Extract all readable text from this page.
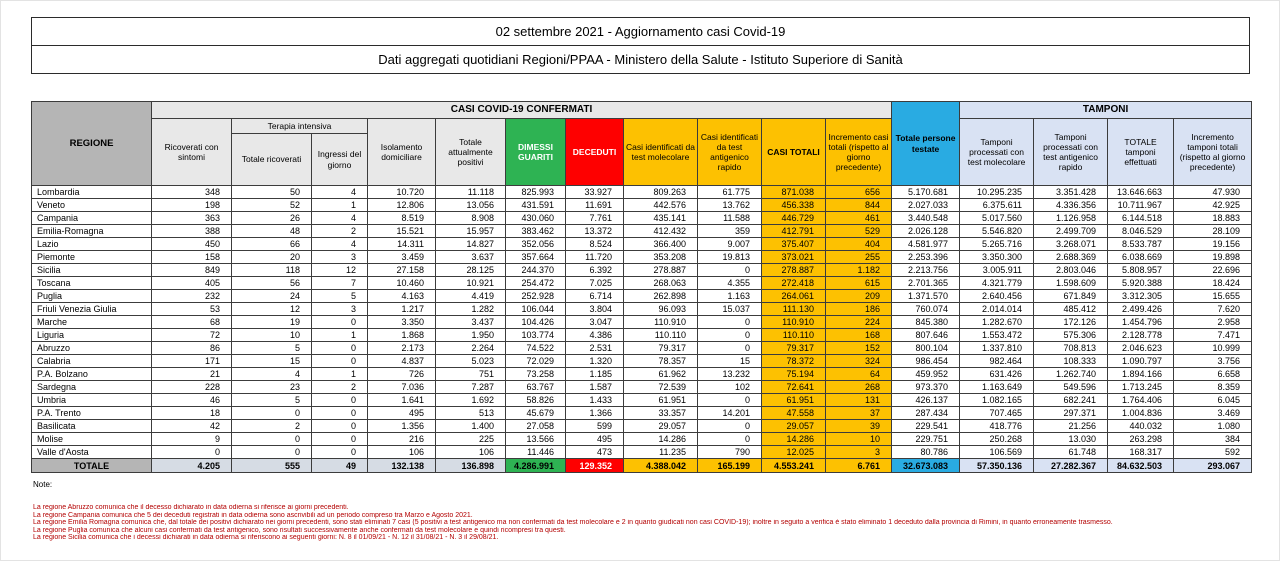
02 settembre 2021 - Aggiornamento casi Covid-19
Dati aggregati quotidiani Regioni/PPAA - Ministero della Salute - Istituto Superiore di Sanità
REGIONE	CASI COVID-19 CONFERMATI											Totale persone testate	TAMPONI			
	Ricoverati con sintomi	Terapia intensiva		Isolamento domiciliare	Totale attualmente positivi	DIMESSI GUARITI	DECEDUTI	Casi identificati da test molecolare	Casi identificati da test antigenico rapido	CASI TOTALI	Incremento casi totali (rispetto al giorno precedente)		Tamponi processati con test molecolare	Tamponi processati con test antigenico rapido	TOTALE tamponi effettuati	Incremento tamponi totali (rispetto al giorno precedente)
		Totale ricoverati	Ingressi del giorno													
Lombardia	348	50	4	10.720	11.118	825.993	33.927	809.263	61.775	871.038	656	5.170.681	10.295.235	3.351.428	13.646.663	47.930
Veneto	198	52	1	12.806	13.056	431.591	11.691	442.576	13.762	456.338	844	2.027.033	6.375.611	4.336.356	10.711.967	42.925
Campania	363	26	4	8.519	8.908	430.060	7.761	435.141	11.588	446.729	461	3.440.548	5.017.560	1.126.958	6.144.518	18.883
Emilia-Romagna	388	48	2	15.521	15.957	383.462	13.372	412.432	359	412.791	529	2.026.128	5.546.820	2.499.709	8.046.529	28.109
Lazio	450	66	4	14.311	14.827	352.056	8.524	366.400	9.007	375.407	404	4.581.977	5.265.716	3.268.071	8.533.787	19.156
Piemonte	158	20	3	3.459	3.637	357.664	11.720	353.208	19.813	373.021	255	2.253.396	3.350.300	2.688.369	6.038.669	19.898
Sicilia	849	118	12	27.158	28.125	244.370	6.392	278.887	0	278.887	1.182	2.213.756	3.005.911	2.803.046	5.808.957	22.696
Toscana	405	56	7	10.460	10.921	254.472	7.025	268.063	4.355	272.418	615	2.701.365	4.321.779	1.598.609	5.920.388	18.424
Puglia	232	24	5	4.163	4.419	252.928	6.714	262.898	1.163	264.061	209	1.371.570	2.640.456	671.849	3.312.305	15.655
Friuli Venezia Giulia	53	12	3	1.217	1.282	106.044	3.804	96.093	15.037	111.130	186	760.074	2.014.014	485.412	2.499.426	7.620
Marche	68	19	0	3.350	3.437	104.426	3.047	110.910	0	110.910	224	845.380	1.282.670	172.126	1.454.796	2.958
Liguria	72	10	1	1.868	1.950	103.774	4.386	110.110	0	110.110	168	807.646	1.553.472	575.306	2.128.778	7.471
Abruzzo	86	5	0	2.173	2.264	74.522	2.531	79.317	0	79.317	152	800.104	1.337.810	708.813	2.046.623	10.999
Calabria	171	15	0	4.837	5.023	72.029	1.320	78.357	15	78.372	324	986.454	982.464	108.333	1.090.797	3.756
P.A. Bolzano	21	4	1	726	751	73.258	1.185	61.962	13.232	75.194	64	459.952	631.426	1.262.740	1.894.166	6.658
Sardegna	228	23	2	7.036	7.287	63.767	1.587	72.539	102	72.641	268	973.370	1.163.649	549.596	1.713.245	8.359
Umbria	46	5	0	1.641	1.692	58.826	1.433	61.951	0	61.951	131	426.137	1.082.165	682.241	1.764.406	6.045
P.A. Trento	18	0	0	495	513	45.679	1.366	33.357	14.201	47.558	37	287.434	707.465	297.371	1.004.836	3.469
Basilicata	42	2	0	1.356	1.400	27.058	599	29.057	0	29.057	39	229.541	418.776	21.256	440.032	1.080
Molise	9	0	0	216	225	13.566	495	14.286	0	14.286	10	229.751	250.268	13.030	263.298	384
Valle d'Aosta	0	0	0	106	106	11.446	473	11.235	790	12.025	3	80.786	106.569	61.748	168.317	592
TOTALE	4.205	555	49	132.138	136.898	4.286.991	129.352	4.388.042	165.199	4.553.241	6.761	32.673.083	57.350.136	27.282.367	84.632.503	293.067
Note:
La regione Abruzzo comunica che il decesso dichiarato in data odierna si riferisce ai giorni precedenti.
La regione Campania comunica che 5 dei deceduti registrati in data odierna sono ascrivibili ad un periodo compreso tra Marzo e Agosto 2021.
La regione Emilia Romagna comunica che, dal totale dei positivi dichiarato nei giorni precedenti, sono stati eliminati 7 casi (5 positivi a test antigenico ma non confermati da test molecolare e 2 in quanto giudicati non casi COVID-19); inoltre in seguito a verifica è stato eliminato 1 deceduto dalla provincia di Rimini, in quanto erroneamente trasmesso.
La regione Puglia comunica che alcuni casi confermati da test antigenico, sono risultati successivamente anche confermati da test molecolare e quindi ricompresi tra questi.
La regione Sicilia comunica che i decessi dichiarati in data odierna si riferiscono ai seguenti giorni: N. 8 il 01/09/21 - N. 12 il 31/08/21 - N. 3 il 29/08/21.
